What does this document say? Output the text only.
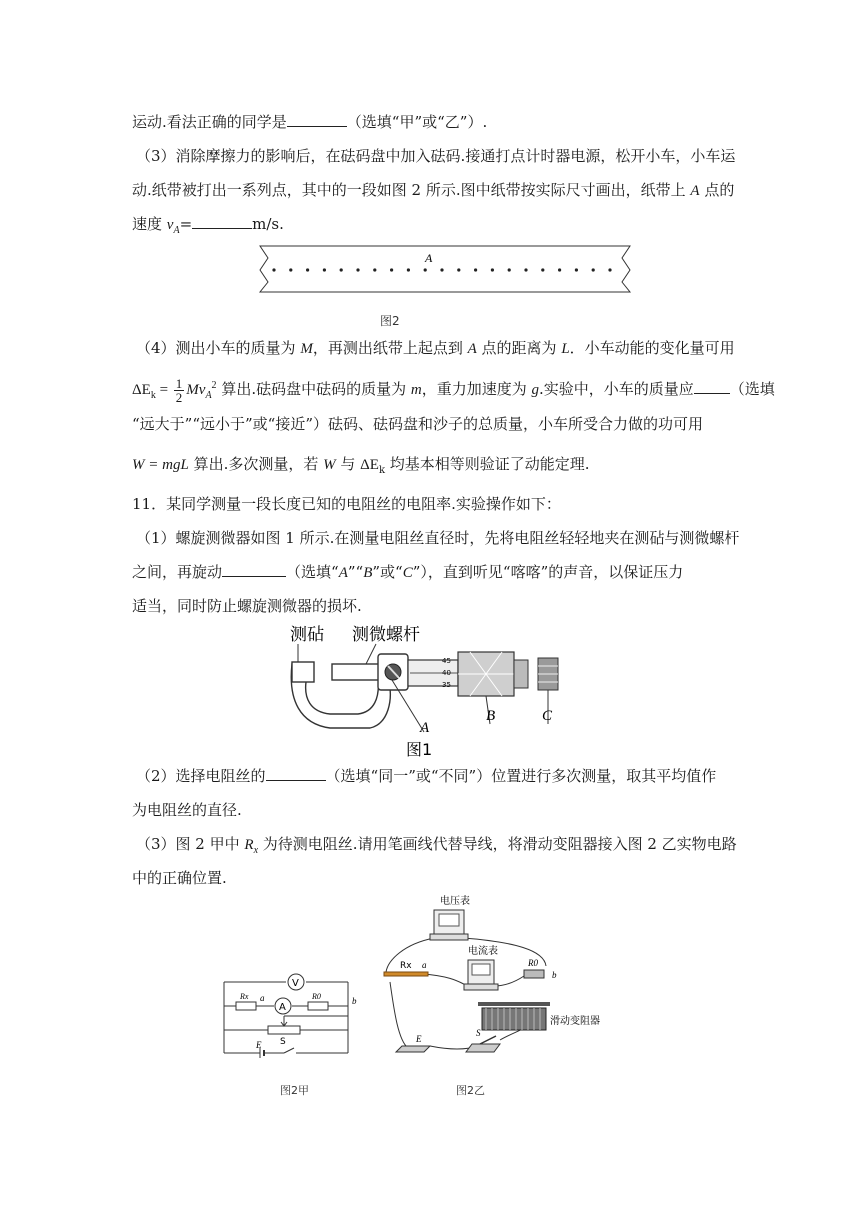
运动.看法正确的同学是	（选填“甲”或“乙”）.
（3）消除摩擦力的影响后，在砝码盘中加入砝码.接通打点计时器电源，松开小车，小车运
动.纸带被打出一系列点，其中的一段如图 2 所示.图中纸带按实际尺寸画出，纸带上 A 点的
速度 $v_A=$	m/s.
A
图2
（4）测出小车的质量为 M，再测出纸带上起点到 A 点的距离为 L．小车动能的变化量可用
$\Delta E_k = \frac{1}{2} Mv_A^2$ 算出.砝码盘中砝码的质量为 m，重力加速度为 g.实验中，小车的质量应 （选填
“远大于”“远小于”或“接近”）砝码、砝码盘和沙子的总质量，小车所受合力做的功可用
W = mgL 算出.多次测量，若 W 与 $\Delta E_k$ 均基本相等则验证了动能定理.
11．某同学测量一段长度已知的电阻丝的电阻率.实验操作如下：
（1）螺旋测微器如图 1 所示.在测量电阻丝直径时，先将电阻丝轻轻地夹在测砧与测微螺杆
之间，再旋动	（选填“A”“B”或“C”），直到听见“喀喀”的声音，以保证压力
适当，同时防止螺旋测微器的损坏.
测砧 测微螺杆
45
40
35
A
B	C
图1
（2）选择电阻丝的	（选填“同一”或“不同”）位置进行多次测量，取其平均值作
为电阻丝的直径.
（3）图 2 甲中 $R_x$ 为待测电阻丝.请用笔画线代替导线，将滑动变阻器接入图 2 乙实物电路
中的正确位置.
V
A
Rx	R0
a	b
S
E
图2甲
电压表
Rx a
电流表
R0
b
滑动变阻器
E
S
图2乙
